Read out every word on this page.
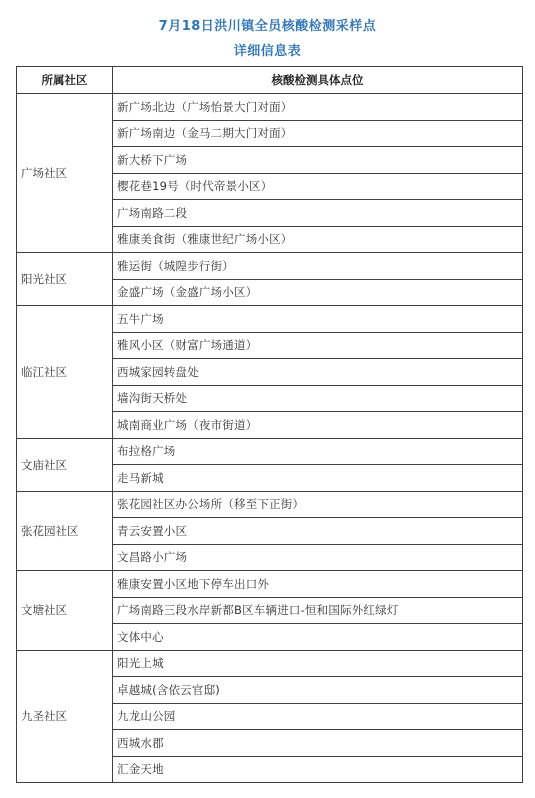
7月18日洪川镇全员核酸检测采样点
详细信息表
所属社区	核酸检测具体点位
广场社区	新广场北边（广场怡景大门对面）
	新广场南边（金马二期大门对面）
	新大桥下广场
	樱花巷19号（时代帝景小区）
	广场南路二段
	雅康美食街（雅康世纪广场小区）
阳光社区	雅运街（城隍步行街）
	金盛广场（金盛广场小区）
临江社区	五牛广场
	雅风小区（财富广场通道）
	西城家园转盘处
	墙沟街天桥处
	城南商业广场（夜市街道）
文庙社区	布拉格广场
	走马新城
张花园社区	张花园社区办公场所（移至下正街）
	青云安置小区
	文昌路小广场
文塘社区	雅康安置小区地下停车出口外
	广场南路三段水岸新都B区车辆进口-恒和国际外红绿灯
	文体中心
九圣社区	阳光上城
	卓越城(含依云官邸)
	九龙山公园
	西城水郡
	汇金天地
